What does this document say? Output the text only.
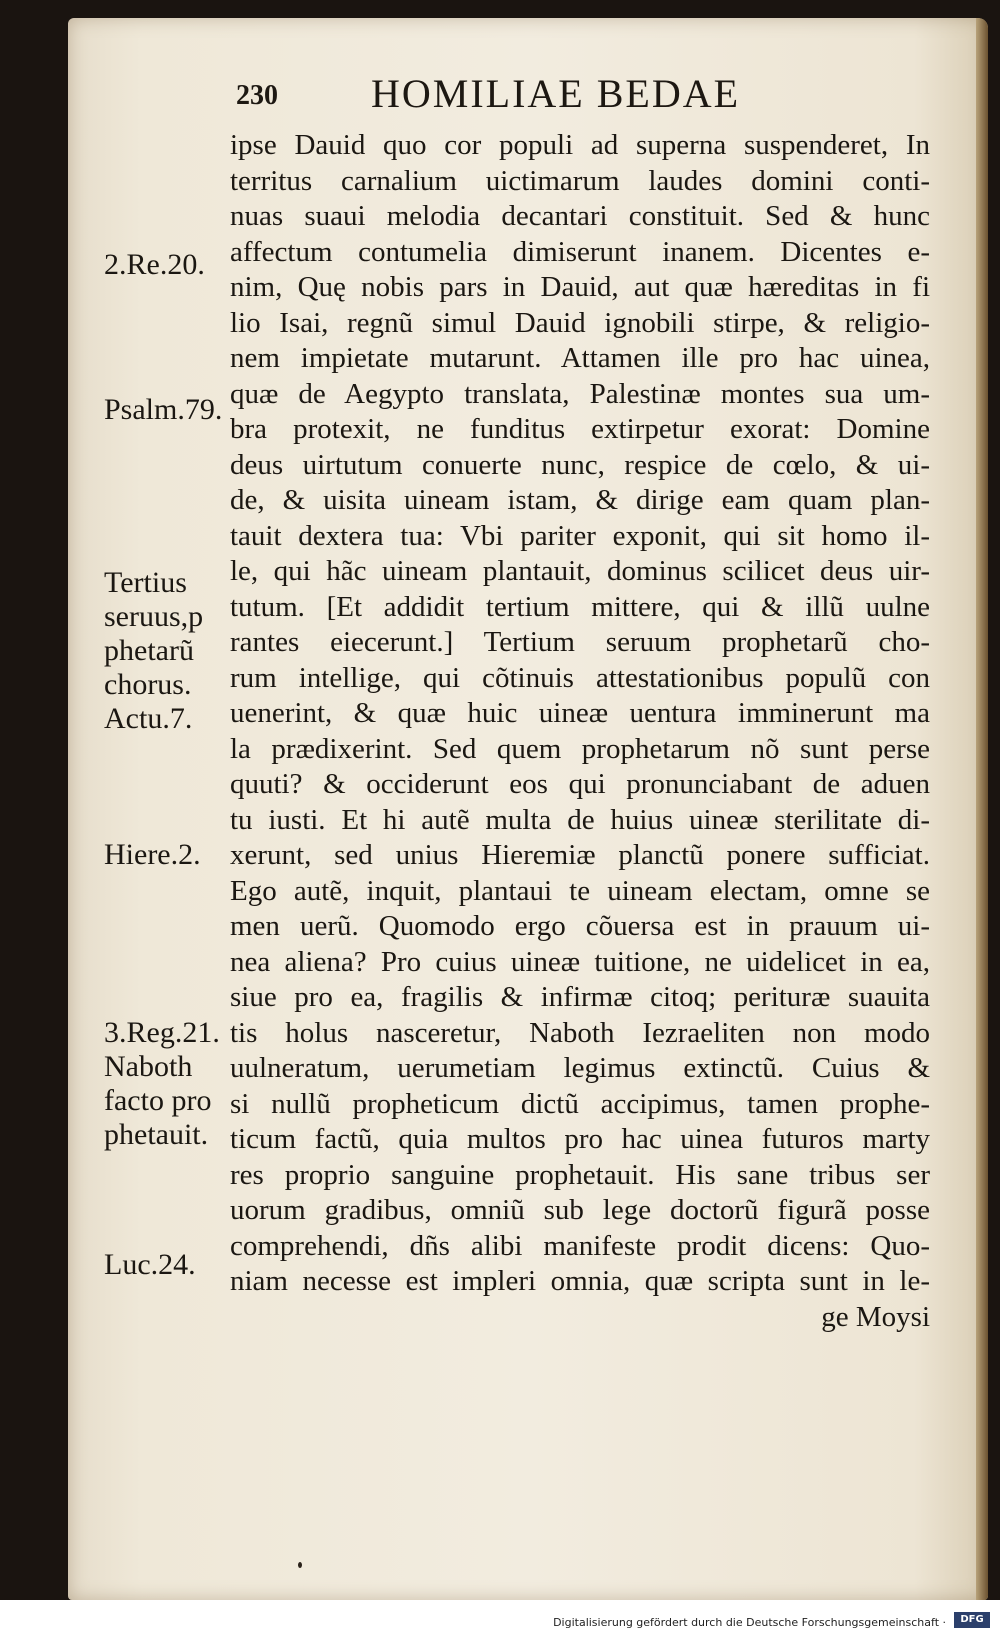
230 HOMILIAE BEDAE
ipse Dauid quo cor populi ad superna suspenderet, In
territus carnalium uictimarum laudes domini conti-
nuas suaui melodia decantari constituit. Sed & hunc
affectum contumelia dimiserunt inanem. Dicentes e-
nim, Quę nobis pars in Dauid, aut quæ hæreditas in fi
lio Isai, regnũ simul Dauid ignobili stirpe, & religio-
nem impietate mutarunt. Attamen ille pro hac uinea,
quæ de Aegypto translata, Palestinæ montes sua um-
bra protexit, ne funditus extirpetur exorat: Domine
deus uirtutum conuerte nunc, respice de cœlo, & ui-
de, & uisita uineam istam, & dirige eam quam plan-
tauit dextera tua: Vbi pariter exponit, qui sit homo il-
le, qui hãc uineam plantauit, dominus scilicet deus uir-
tutum. [Et addidit tertium mittere, qui & illũ uulne
rantes eiecerunt.] Tertium seruum prophetarũ cho-
rum intellige, qui cõtinuis attestationibus populũ con
uenerint, & quæ huic uineæ uentura imminerunt ma
la prædixerint. Sed quem prophetarum nõ sunt perse
quuti? & occiderunt eos qui pronunciabant de aduen
tu iusti. Et hi autẽ multa de huius uineæ sterilitate di-
xerunt, sed unius Hieremiæ planctũ ponere sufficiat.
Ego autẽ, inquit, plantaui te uineam electam, omne se
men uerũ. Quomodo ergo cõuersa est in prauum ui-
nea aliena? Pro cuius uineæ tuitione, ne uidelicet in ea,
siue pro ea, fragilis & infirmæ citoq; perituræ suauita
tis holus nasceretur, Naboth Iezraeliten non modo
uulneratum, uerumetiam legimus extinctũ. Cuius &
si nullũ propheticum dictũ accipimus, tamen prophe-
ticum factũ, quia multos pro hac uinea futuros marty
res proprio sanguine prophetauit. His sane tribus ser
uorum gradibus, omniũ sub lege doctorũ figurã posse
comprehendi, dñs alibi manifeste prodit dicens: Quo-
niam necesse est impleri omnia, quæ scripta sunt in le-
ge Moysi
2.Re.20.
Psalm.79.
Tertius
seruus,p
phetarũ
chorus.
Actu.7.
Hiere.2.
3.Reg.21.
Naboth
facto pro
phetauit.
Luc.24.
Digitalisierung gefördert durch die Deutsche Forschungsgemeinschaft ·	DFG
